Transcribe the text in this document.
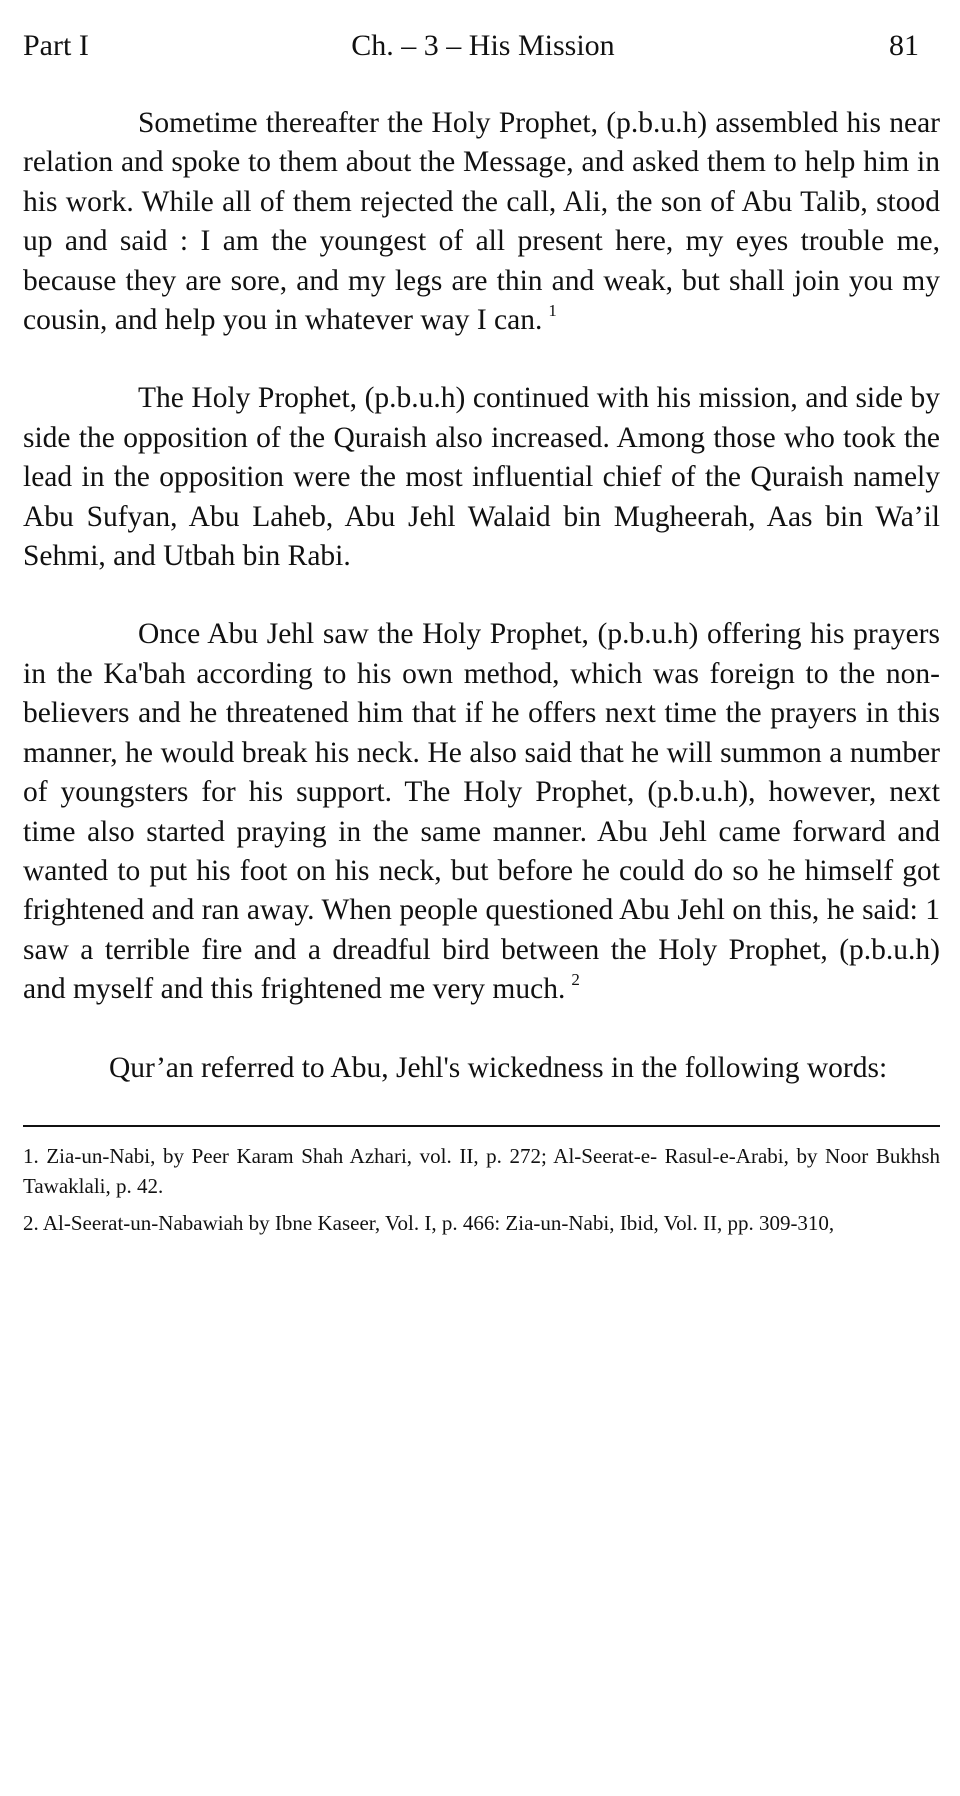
Part I	Ch. – 3 – His Mission	81

Sometime thereafter the Holy Prophet, (p.b.u.h) assembled his near relation and spoke to them about the Message, and asked them to help him in his work. While all of them rejected the call, Ali, the son of Abu Talib, stood up and said : I am the youngest of all present here, my eyes trouble me, because they are sore, and my legs are thin and weak, but shall join you my cousin, and help you in whatever way I can. $^1$

The Holy Prophet, (p.b.u.h) continued with his mission, and side by side the opposition of the Quraish also increased. Among those who took the lead in the opposition were the most influential chief of the Quraish namely Abu Sufyan, Abu Laheb, Abu Jehl Walaid bin Mugheerah, Aas bin Wa’il Sehmi, and Utbah bin Rabi.

Once Abu Jehl saw the Holy Prophet, (p.b.u.h) offering his prayers in the Ka'bah according to his own method, which was foreign to the non-believers and he threatened him that if he offers next time the prayers in this manner, he would break his neck. He also said that he will summon a number of youngsters for his support. The Holy Prophet, (p.b.u.h), however, next time also started praying in the same manner. Abu Jehl came forward and wanted to put his foot on his neck, but before he could do so he himself got frightened and ran away. When people questioned Abu Jehl on this, he said: 1 saw a terrible fire and a dreadful bird between the Holy Prophet, (p.b.u.h) and myself and this frightened me very much. $^2$

Qur’an referred to Abu, Jehl's wickedness in the following words:

1. Zia-un-Nabi, by Peer Karam Shah Azhari, vol. II, p. 272; Al-Seerat-e- Rasul-e-Arabi, by Noor Bukhsh Tawaklali, p. 42.

2. Al-Seerat-un-Nabawiah by Ibne Kaseer, Vol. I, p. 466: Zia-un-Nabi, Ibid, Vol. II, pp. 309-310,
